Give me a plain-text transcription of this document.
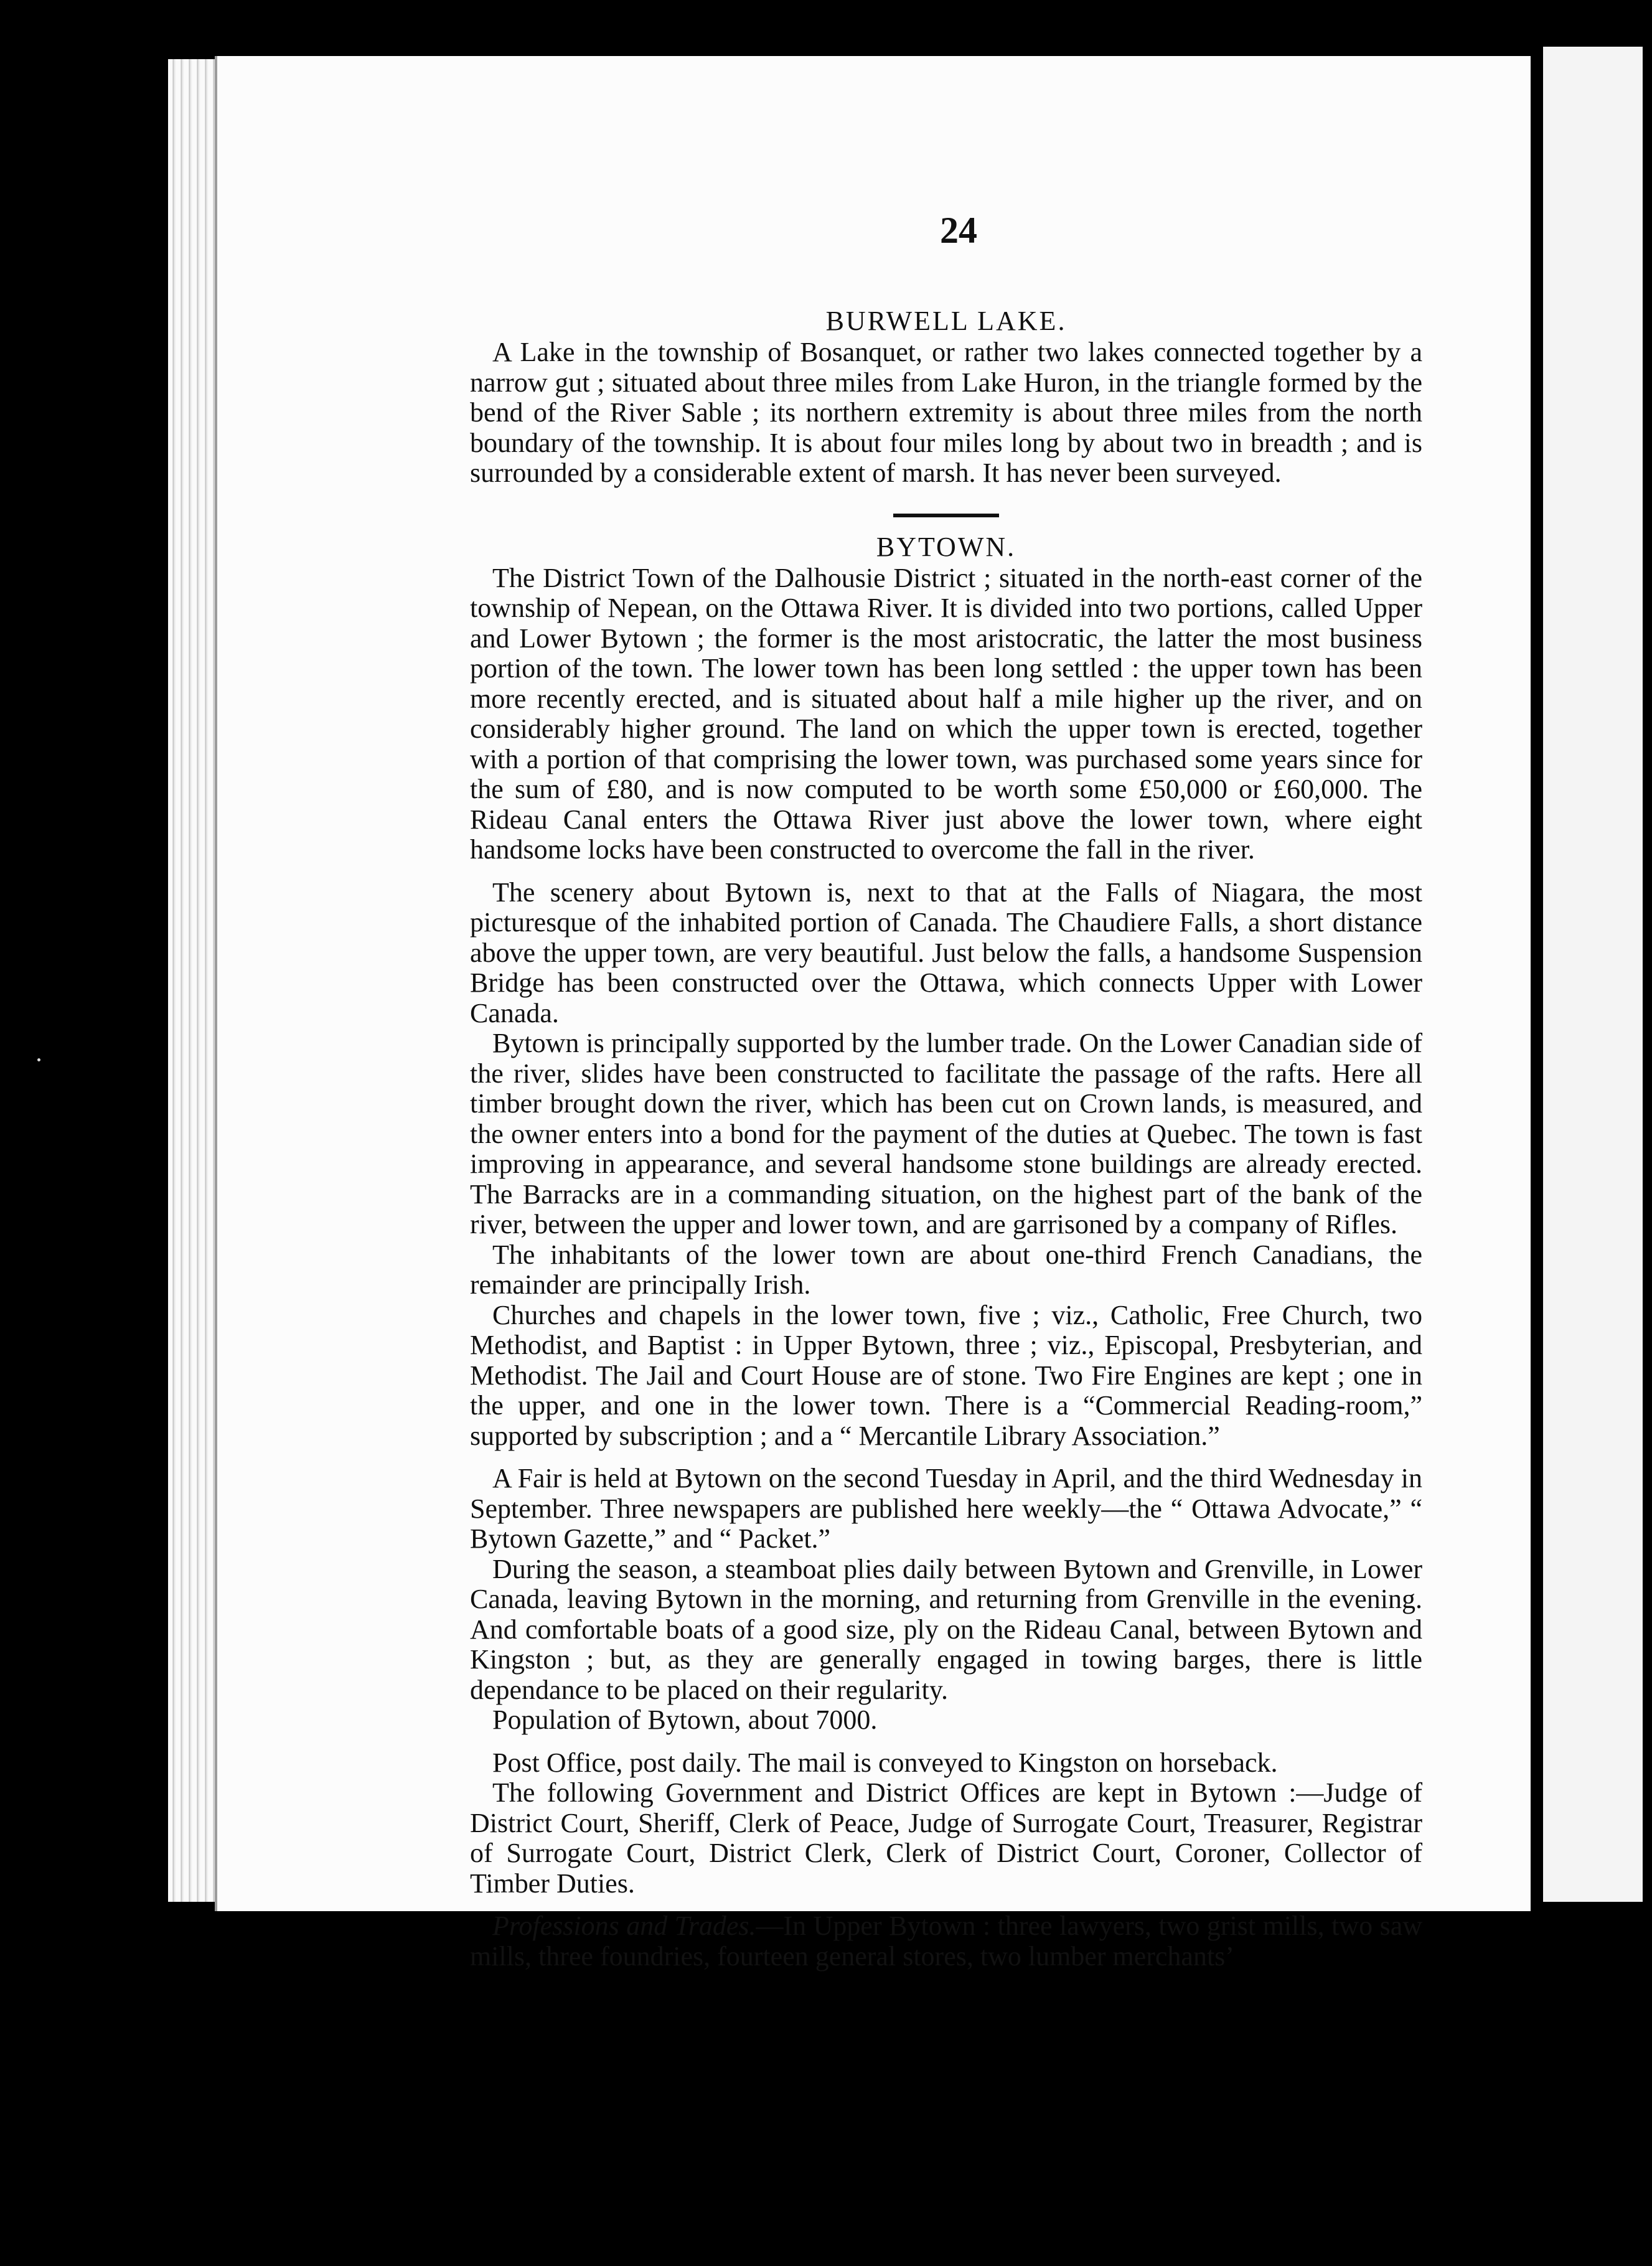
24
BURWELL LAKE.

A Lake in the township of Bosanquet, or rather two lakes connected together by a narrow gut ; situated about three miles from Lake Huron, in the triangle formed by the bend of the River Sable ; its northern extremity is about three miles from the north boundary of the township. It is about four miles long by about two in breadth ; and is surrounded by a considerable extent of marsh. It has never been surveyed.

BYTOWN.

The District Town of the Dalhousie District ; situated in the north-east corner of the township of Nepean, on the Ottawa River. It is divided into two portions, called Upper and Lower Bytown ; the former is the most aristocratic, the latter the most business portion of the town. The lower town has been long settled : the upper town has been more recently erected, and is situated about half a mile higher up the river, and on considerably higher ground. The land on which the upper town is erected, together with a portion of that comprising the lower town, was purchased some years since for the sum of £80, and is now computed to be worth some £50,000 or £60,000. The Rideau Canal enters the Ottawa River just above the lower town, where eight handsome locks have been constructed to overcome the fall in the river.

The scenery about Bytown is, next to that at the Falls of Niagara, the most picturesque of the inhabited portion of Canada. The Chaudiere Falls, a short distance above the upper town, are very beautiful. Just below the falls, a handsome Suspension Bridge has been constructed over the Ottawa, which connects Upper with Lower Canada.

Bytown is principally supported by the lumber trade. On the Lower Canadian side of the river, slides have been constructed to facilitate the passage of the rafts. Here all timber brought down the river, which has been cut on Crown lands, is measured, and the owner enters into a bond for the payment of the duties at Quebec. The town is fast improving in appearance, and several handsome stone buildings are already erected. The Barracks are in a commanding situation, on the highest part of the bank of the river, between the upper and lower town, and are garrisoned by a company of Rifles.

The inhabitants of the lower town are about one-third French Canadians, the remainder are principally Irish.

Churches and chapels in the lower town, five ; viz., Catholic, Free Church, two Methodist, and Baptist : in Upper Bytown, three ; viz., Episcopal, Presbyterian, and Methodist. The Jail and Court House are of stone. Two Fire Engines are kept ; one in the upper, and one in the lower town. There is a “Commercial Reading-room,” supported by subscription ; and a “ Mercantile Library Association.”

A Fair is held at Bytown on the second Tuesday in April, and the third Wednesday in September. Three newspapers are published here weekly—the “ Ottawa Advocate,” “ Bytown Gazette,” and “ Packet.”

During the season, a steamboat plies daily between Bytown and Grenville, in Lower Canada, leaving Bytown in the morning, and returning from Grenville in the evening. And comfortable boats of a good size, ply on the Rideau Canal, between Bytown and Kingston ; but, as they are generally engaged in towing barges, there is little dependance to be placed on their regularity.

Population of Bytown, about 7000.

Post Office, post daily. The mail is conveyed to Kingston on horseback.

The following Government and District Offices are kept in Bytown :—Judge of District Court, Sheriff, Clerk of Peace, Judge of Surrogate Court, Treasurer, Registrar of Surrogate Court, District Clerk, Clerk of District Court, Coroner, Collector of Timber Duties.

Professions and Trades.—In Upper Bytown : three lawyers, two grist mills, two saw mills, three foundries, fourteen general stores, two lumber merchants’
